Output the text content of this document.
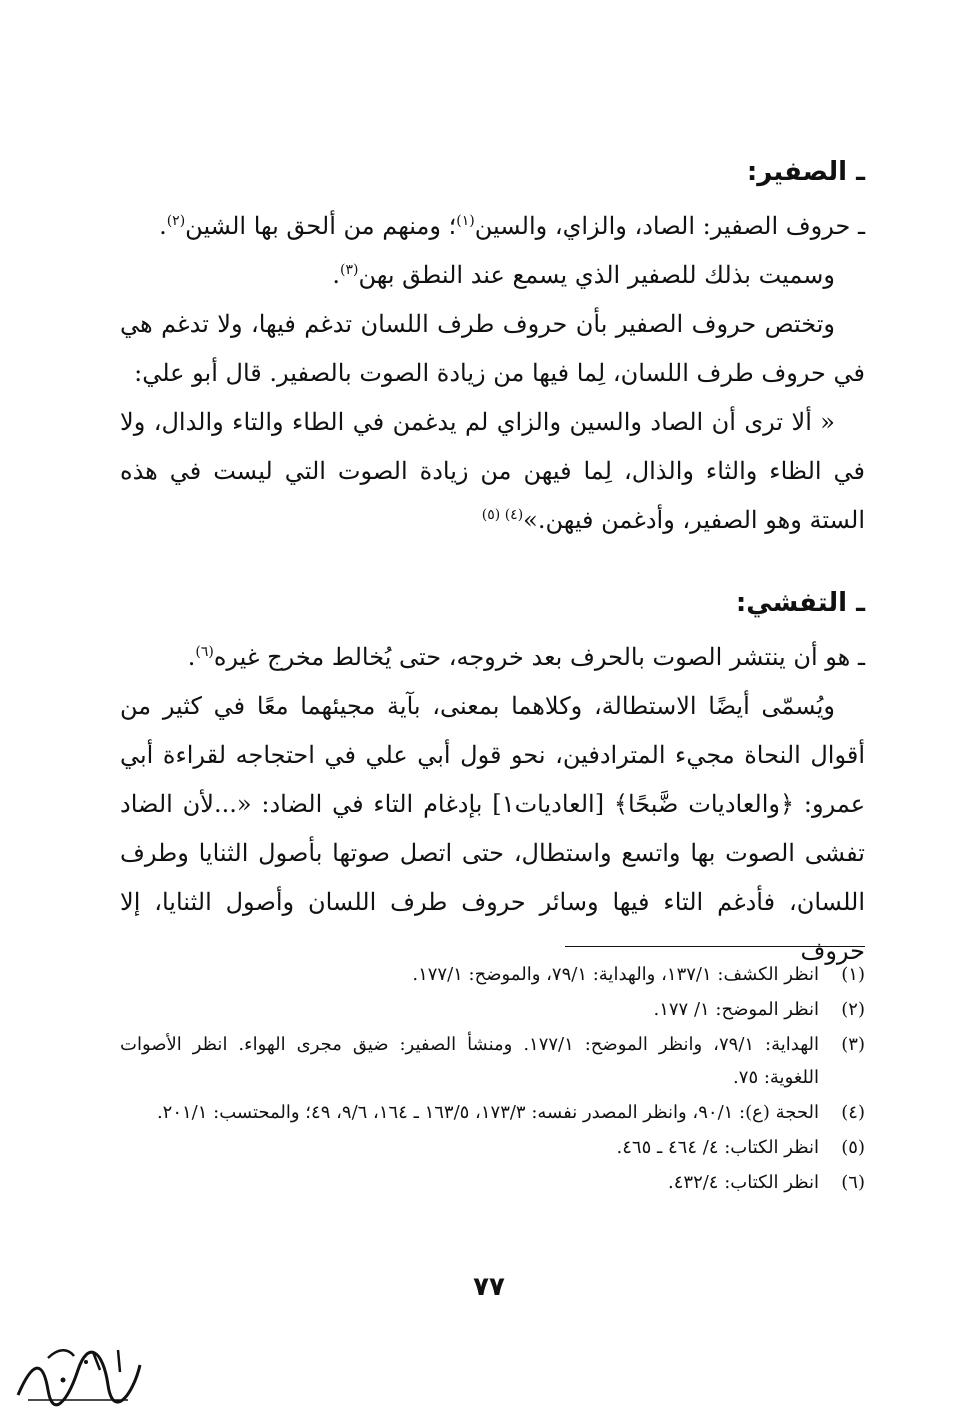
ـ الصفير:

ـ حروف الصفير: الصاد، والزاي، والسين$^{(١)}$؛ ومنهم من ألحق بها الشين$^{(٢)}$.

وسميت بذلك للصفير الذي يسمع عند النطق بهن$^{(٣)}$.

وتختص حروف الصفير بأن حروف طرف اللسان تدغم فيها، ولا تدغم هي في حروف طرف اللسان، لِما فيها من زيادة الصوت بالصفير. قال أبو علي:

« ألا ترى أن الصاد والسين والزاي لم يدغمن في الطاء والتاء والدال، ولا في الظاء والثاء والذال، لِما فيهن من زيادة الصوت التي ليست في هذه الستة وهو الصفير، وأدغمن فيهن.»$^{(٤) (٥)}$

ـ التفشي:

ـ هو أن ينتشر الصوت بالحرف بعد خروجه، حتى يُخالط مخرج غيره$^{(٦)}$.

ويُسمّى أيضًا الاستطالة، وكلاهما بمعنى، بآية مجيئهما معًا في كثير من أقوال النحاة مجيء المترادفين، نحو قول أبي علي في احتجاجه لقراءة أبي عمرو: ﴿والعاديات ضَّبحًا﴾ [العاديات١] بإدغام التاء في الضاد: «...لأن الضاد تفشى الصوت بها واتسع واستطال، حتى اتصل صوتها بأصول الثنايا وطرف اللسان، فأدغم التاء فيها وسائر حروف طرف اللسان وأصول الثنايا، إلا حروف

(١)
انظر الكشف: ١٣٧/١، والهداية: ٧٩/١، والموضح: ١٧٧/١.
(٢)
انظر الموضح: ١/ ١٧٧.
(٣)
الهداية: ٧٩/١، وانظر الموضح: ١٧٧/١. ومنشأ الصفير: ضيق مجرى الهواء. انظر الأصوات اللغوية: ٧٥.
(٤)
الحجة (ع): ٩٠/١، وانظر المصدر نفسه: ١٧٣/٣، ١٦٣/٥ ـ ١٦٤، ٩/٦، ٤٩؛ والمحتسب: ٢٠١/١.
(٥)
انظر الكتاب: ٤/ ٤٦٤ ـ ٤٦٥.
(٦)
انظر الكتاب: ٤٣٢/٤.
٧٧
